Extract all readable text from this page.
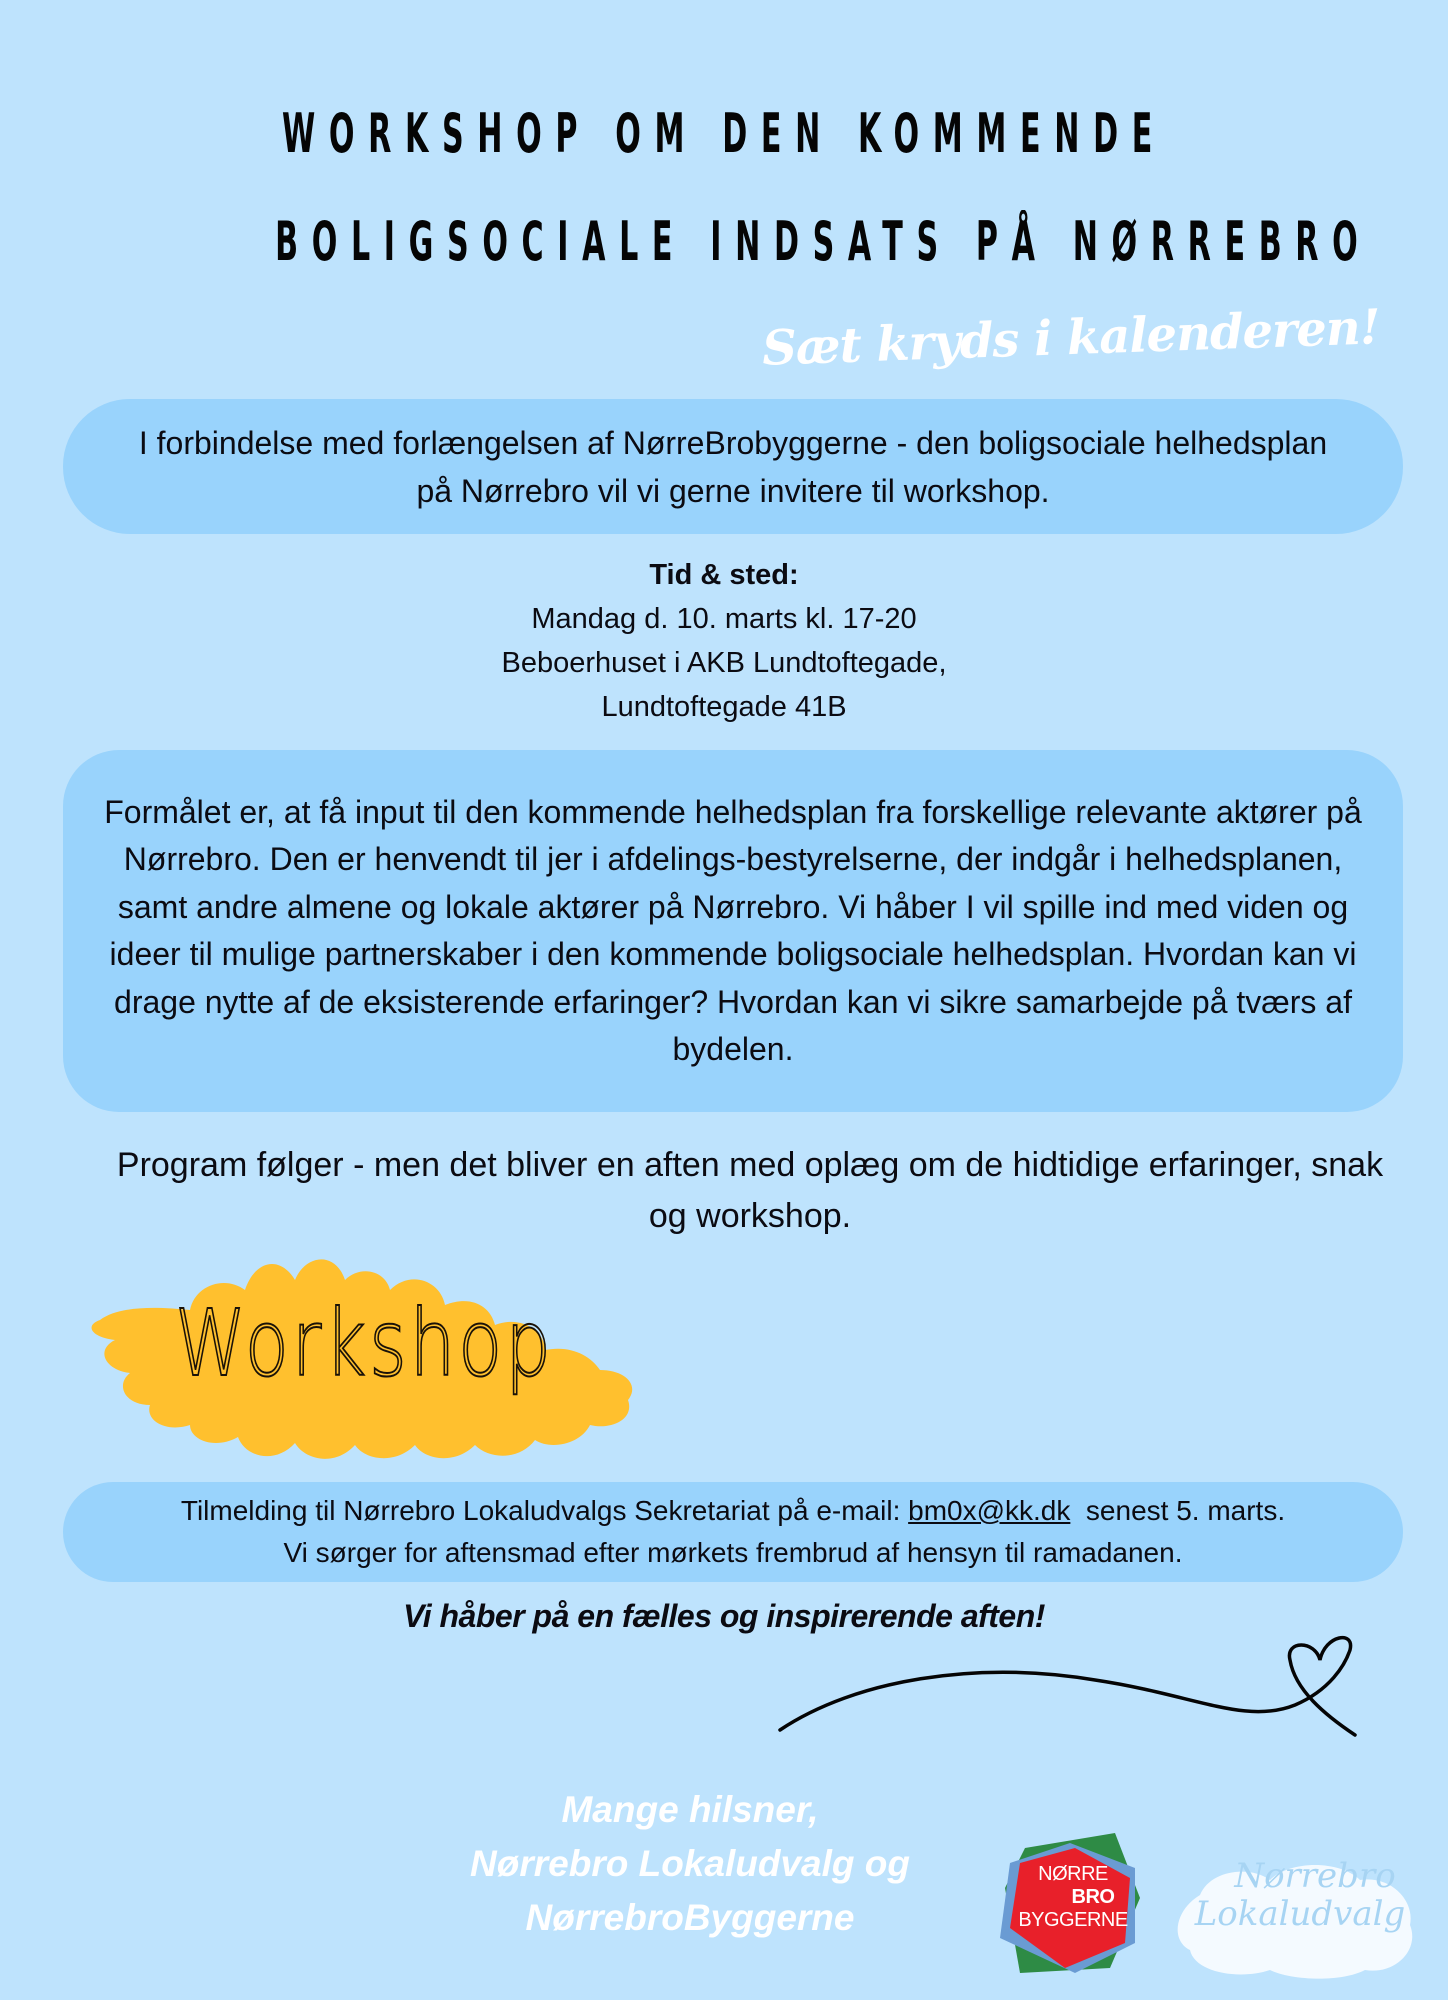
WORKSHOP OM DEN KOMMENDE
BOLIGSOCIALE INDSATS PÅ NØRREBRO
Sæt kryds i kalenderen!
I forbindelse med forlængelsen af NørreBrobyggerne - den boligsociale helhedsplan på Nørrebro vil vi gerne invitere til workshop.
Tid & sted:
Mandag d. 10. marts kl. 17-20
Beboerhuset i AKB Lundtoftegade,
Lundtoftegade 41B
Formålet er, at få input til den kommende helhedsplan fra forskellige relevante aktører på Nørrebro. Den er henvendt til jer i afdelings-bestyrelserne, der indgår i helhedsplanen, samt andre almene og lokale aktører på Nørrebro. Vi håber I vil spille ind med viden og ideer til mulige partnerskaber i den kommende boligsociale helhedsplan. Hvordan kan vi drage nytte af de eksisterende erfaringer? Hvordan kan vi sikre samarbejde på tværs af bydelen.
Program følger - men det bliver en aften med oplæg om de hidtidige erfaringer, snak og workshop.
Workshop
Tilmelding til Nørrebro Lokaludvalgs Sekretariat på e-mail: bm0x@kk.dk  senest 5. marts.
Vi sørger for aftensmad efter mørkets frembrud af hensyn til ramadanen.
Vi håber på en fælles og inspirerende aften!
Mange hilsner,
Nørrebro Lokaludvalg og
NørrebroByggerne
NØRRE
BRO
BYGGERNE
Nørrebro
Lokaludvalg
